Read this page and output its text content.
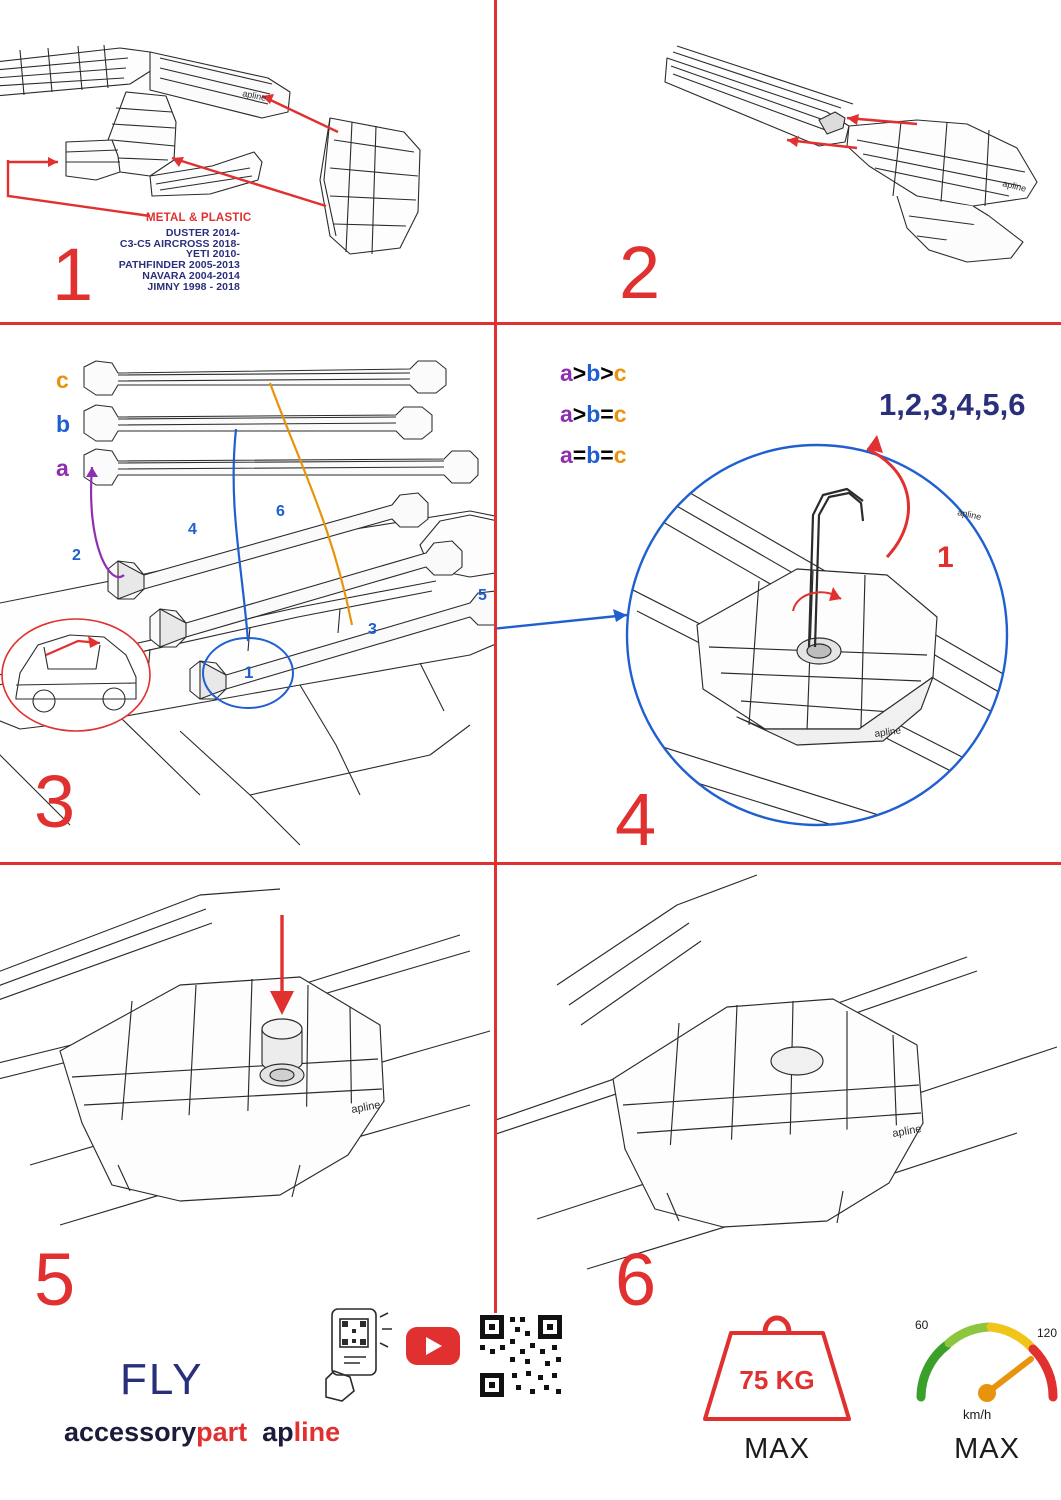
apline
METAL & PLASTIC
DUSTER 2014-
C3-C5 AIRCROSS 2018-
YETI 2010-
PATHFINDER 2005-2013
NAVARA 2004-2014
JIMNY 1998 - 2018
1
apline
2
c
b
a
1
2
3
4
5
6
3
a>b>c
a>b=c
a=b=c
apline
apline
1,2,3,4,5,6
1
4
apline
5
FLY
accessorypart apline
apline
6
75 KG
MAX
60
120
km/h
MAX
